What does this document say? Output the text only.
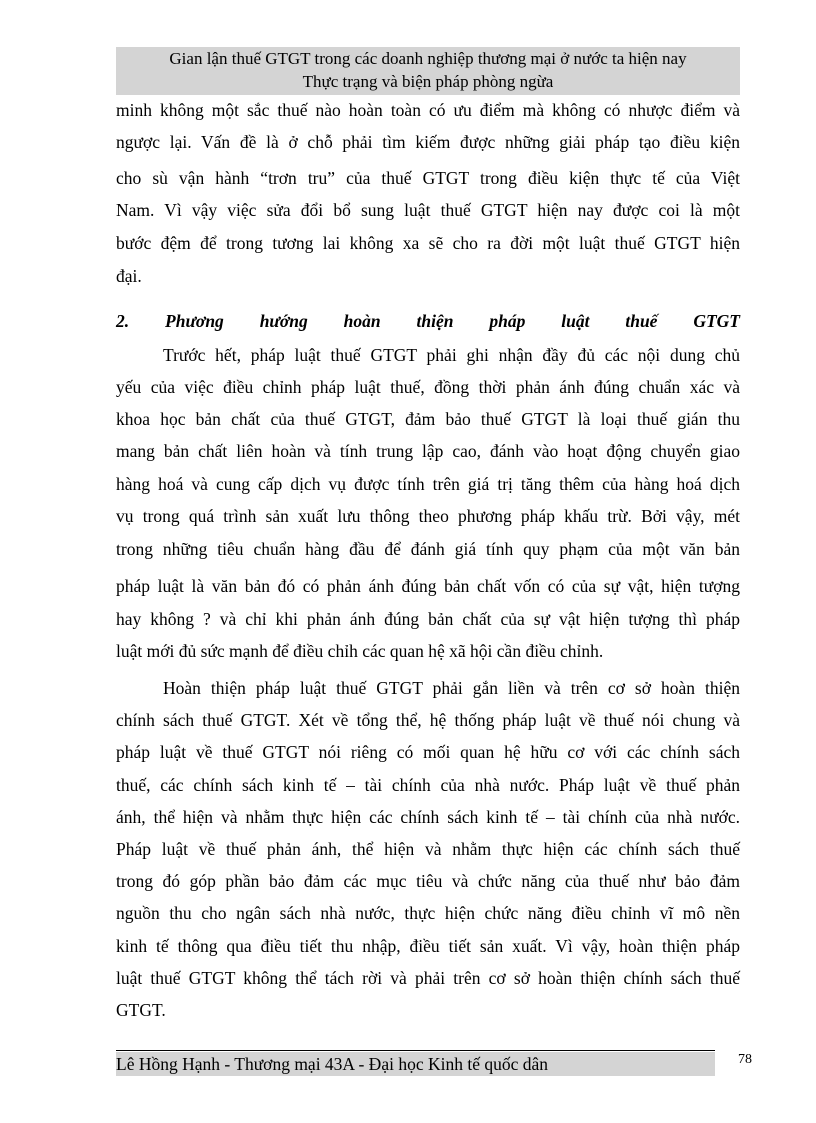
Gian lận thuế GTGT trong các doanh nghiệp thương mại ở nước ta hiện nay
Thực trạng và biện pháp phòng ngừa
minh không một sắc thuế nào hoàn toàn có ưu điểm mà không có nhược điểm và
ngược lại. Vấn đề là ở chỗ phải tìm kiếm được những giải pháp tạo điều kiện
cho sù vận hành “trơn tru” của thuế GTGT trong điều kiện thực tế của Việt
Nam. Vì vậy việc sửa đổi bổ sung luật thuế GTGT hiện nay được coi là một
bước đệm để trong tương lai không xa sẽ cho ra đời một luật thuế GTGT hiện
đại.
2. Phương hướng hoàn thiện pháp luật thuế GTGT
Trước hết, pháp luật thuế GTGT phải ghi nhận đầy đủ các nội dung chủ
yếu của việc điều chỉnh pháp luật thuế, đồng thời phản ánh đúng chuẩn xác và
khoa học bản chất của thuế GTGT, đảm bảo thuế GTGT là loại thuế gián thu
mang bản chất liên hoàn và tính trung lập cao, đánh vào hoạt động chuyển giao
hàng hoá và cung cấp dịch vụ được tính trên giá trị tăng thêm của hàng hoá dịch
vụ trong quá trình sản xuất lưu thông theo phương pháp khấu trừ. Bởi vậy, mét
trong những tiêu chuẩn hàng đầu để đánh giá tính quy phạm của một văn bản
pháp luật là văn bản đó có phản ánh đúng bản chất vốn có của sự vật, hiện tượng
hay không ? và chỉ khi phản ánh đúng bản chất của sự vật hiện tượng thì pháp
luật mới đủ sức mạnh để điều chỉh các quan hệ xã hội cần điều chỉnh.
Hoàn thiện pháp luật thuế GTGT phải gắn liền và trên cơ sở hoàn thiện
chính sách thuế GTGT. Xét về tổng thể, hệ thống pháp luật về thuế nói chung và
pháp luật về thuế GTGT nói riêng có mối quan hệ hữu cơ với các chính sách
thuế, các chính sách kinh tế – tài chính của nhà nước. Pháp luật về thuế phản
ánh, thể hiện và nhằm thực hiện các chính sách kinh tế – tài chính của nhà nước.
Pháp luật về thuế phản ánh, thể hiện và nhằm thực hiện các chính sách thuế
trong đó góp phần bảo đảm các mục tiêu và chức năng của thuế như bảo đảm
nguồn thu cho ngân sách nhà nước, thực hiện chức năng điều chỉnh vĩ mô nền
kinh tế thông qua điều tiết thu nhập, điều tiết sản xuất. Vì vậy, hoàn thiện pháp
luật thuế GTGT không thể tách rời và phải trên cơ sở hoàn thiện chính sách thuế
GTGT.
Lê Hồng Hạnh - Thương mại 43A - Đại học Kinh tế quốc dân	78
